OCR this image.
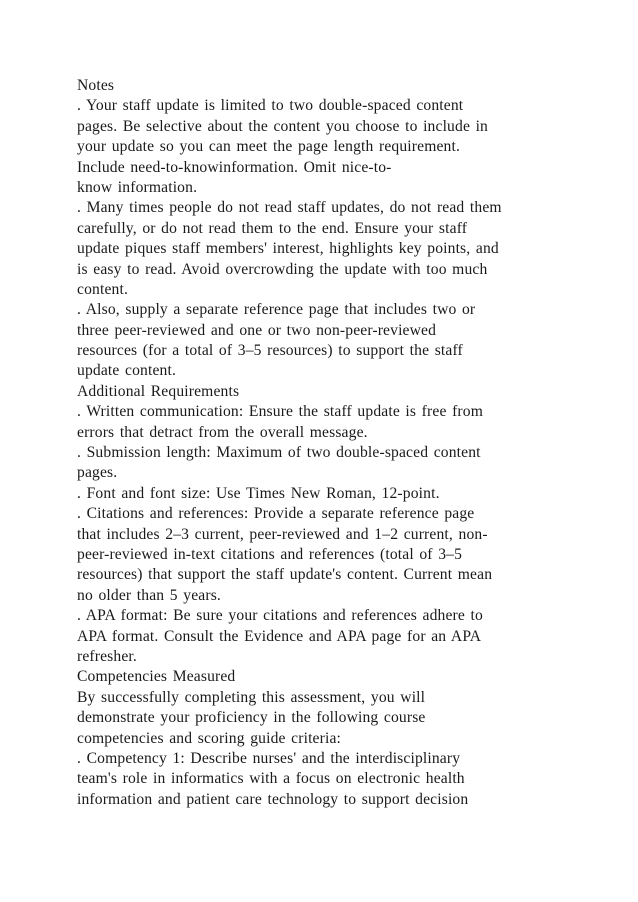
Notes
. Your staff update is limited to two double-spaced content
pages. Be selective about the content you choose to include in
your update so you can meet the page length requirement.
Include need-to-knowinformation. Omit nice-to-
know information.
. Many times people do not read staff updates, do not read them
carefully, or do not read them to the end. Ensure your staff
update piques staff members' interest, highlights key points, and
is easy to read. Avoid overcrowding the update with too much
content.
. Also, supply a separate reference page that includes two or
three peer-reviewed and one or two non-peer-reviewed
resources (for a total of 3–5 resources) to support the staff
update content.
Additional Requirements
. Written communication: Ensure the staff update is free from
errors that detract from the overall message.
. Submission length: Maximum of two double-spaced content
pages.
. Font and font size: Use Times New Roman, 12-point.
. Citations and references: Provide a separate reference page
that includes 2–3 current, peer-reviewed and 1–2 current, non-
peer-reviewed in-text citations and references (total of 3–5
resources) that support the staff update's content. Current mean
no older than 5 years.
. APA format: Be sure your citations and references adhere to
APA format. Consult the Evidence and APA page for an APA
refresher.
Competencies Measured
By successfully completing this assessment, you will
demonstrate your proficiency in the following course
competencies and scoring guide criteria:
. Competency 1: Describe nurses' and the interdisciplinary
team's role in informatics with a focus on electronic health
information and patient care technology to support decision
